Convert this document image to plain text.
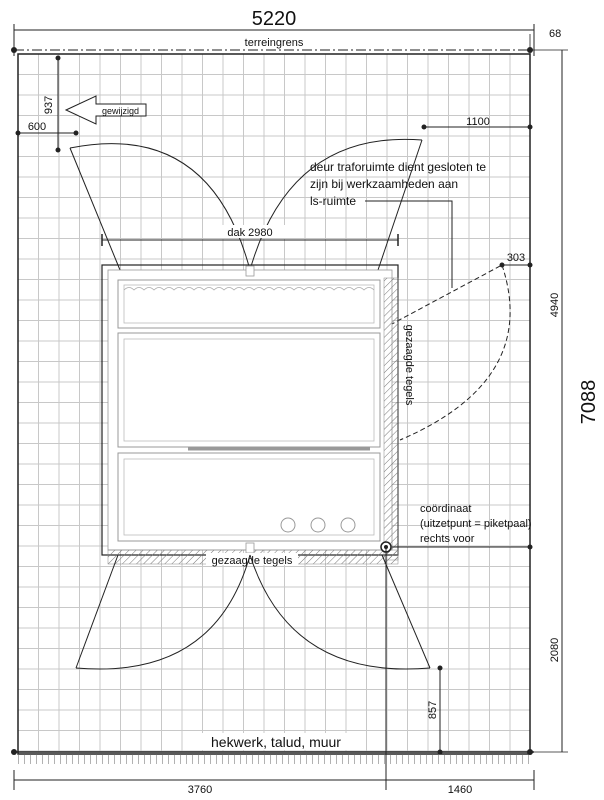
5220
terreingrens
7088
68
4940
2080
937
600
gewijzigd
1100
deur traforuimte dient gesloten te
zijn bij werkzaamheden aan
ls-ruimte
dak 2980
303
gezaagde tegels
gezaagde tegels
coördinaat
(uitzetpunt = piketpaal)
rechts voor
857
hekwerk, talud, muur
3760	1460
